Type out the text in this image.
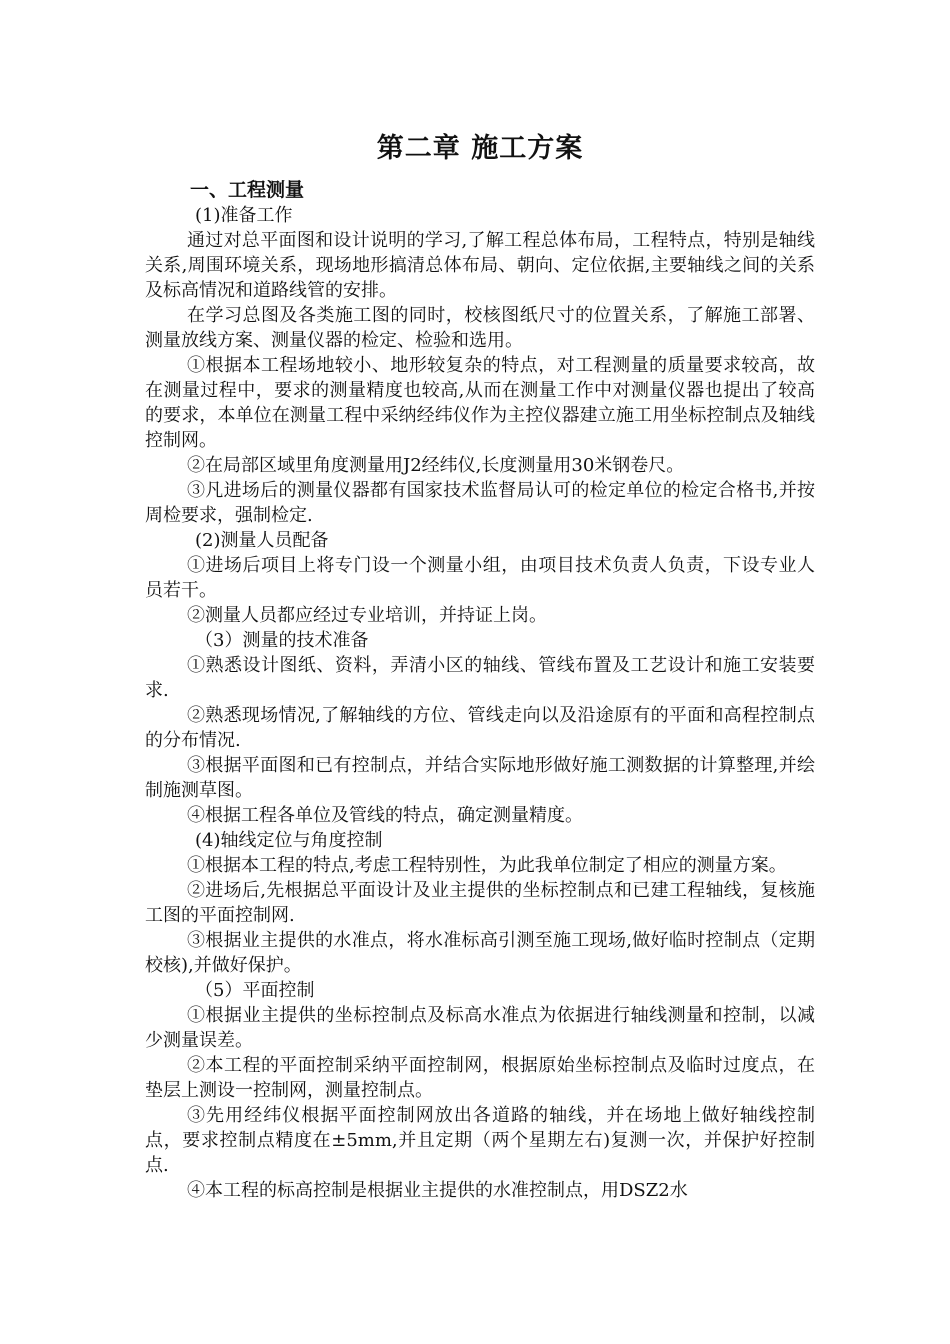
第二章 施工方案
一、工程测量

(1)准备工作

通过对总平面图和设计说明的学习,了解工程总体布局，工程特点，特别是轴线关系,周围环境关系，现场地形搞清总体布局、朝向、定位依据,主要轴线之间的关系及标高情况和道路线管的安排。

在学习总图及各类施工图的同时，校核图纸尺寸的位置关系，了解施工部署、测量放线方案、测量仪器的检定、检验和选用。

①根据本工程场地较小、地形较复杂的特点，对工程测量的质量要求较高，故在测量过程中，要求的测量精度也较高,从而在测量工作中对测量仪器也提出了较高的要求，本单位在测量工程中采纳经纬仪作为主控仪器建立施工用坐标控制点及轴线控制网。

②在局部区域里角度测量用J2经纬仪,长度测量用30米钢卷尺。

③凡进场后的测量仪器都有国家技术监督局认可的检定单位的检定合格书,并按周检要求，强制检定.

(2)测量人员配备

①进场后项目上将专门设一个测量小组，由项目技术负责人负责，下设专业人员若干。

②测量人员都应经过专业培训，并持证上岗。

（3）测量的技术准备

①熟悉设计图纸、资料，弄清小区的轴线、管线布置及工艺设计和施工安装要求.

②熟悉现场情况,了解轴线的方位、管线走向以及沿途原有的平面和高程控制点的分布情况.

③根据平面图和已有控制点，并结合实际地形做好施工测数据的计算整理,并绘制施测草图。

④根据工程各单位及管线的特点，确定测量精度。

(4)轴线定位与角度控制

①根据本工程的特点,考虑工程特别性，为此我单位制定了相应的测量方案。

②进场后,先根据总平面设计及业主提供的坐标控制点和已建工程轴线，复核施工图的平面控制网.

③根据业主提供的水准点，将水准标高引测至施工现场,做好临时控制点（定期校核),并做好保护。

（5）平面控制

①根据业主提供的坐标控制点及标高水准点为依据进行轴线测量和控制，以减少测量误差。

②本工程的平面控制采纳平面控制网，根据原始坐标控制点及临时过度点，在垫层上测设一控制网，测量控制点。

③先用经纬仪根据平面控制网放出各道路的轴线，并在场地上做好轴线控制点，要求控制点精度在±5mm,并且定期（两个星期左右)复测一次，并保护好控制点.

④本工程的标高控制是根据业主提供的水准控制点，用DSZ2水
